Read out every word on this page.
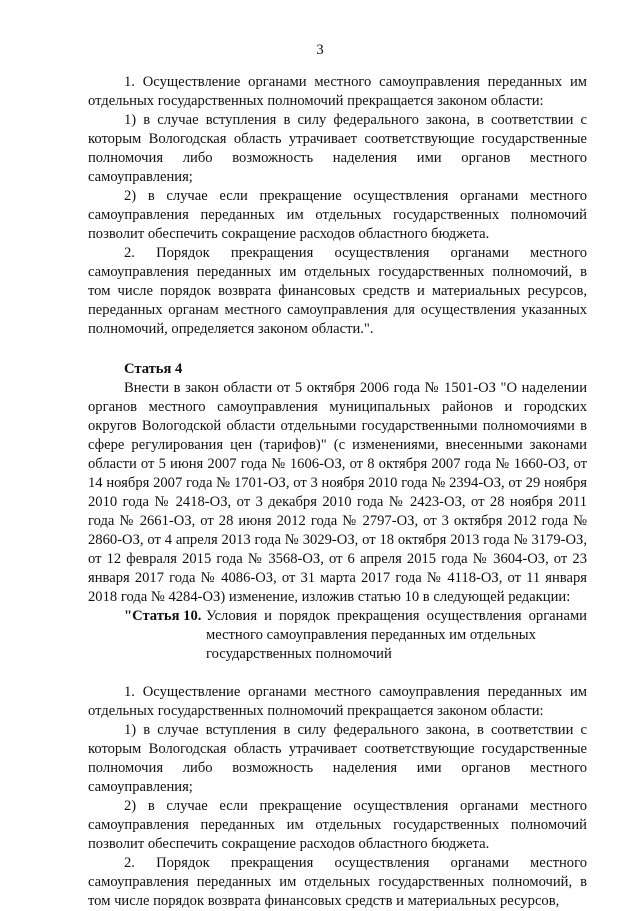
3

1. Осуществление органами местного самоуправления переданных им отдельных государственных полномочий прекращается законом области:

1) в случае вступления в силу федерального закона, в соответствии с которым Вологодская область утрачивает соответствующие государственные полномочия либо возможность наделения ими органов местного самоуправления;

2) в случае если прекращение осуществления органами местного самоуправления переданных им отдельных государственных полномочий позволит обеспечить сокращение расходов областного бюджета.

2. Порядок прекращения осуществления органами местного самоуправления переданных им отдельных государственных полномочий, в том числе порядок возврата финансовых средств и материальных ресурсов, переданных органам местного самоуправления для осуществления указанных полномочий, определяется законом области.".

Статья 4

Внести в закон области от 5 октября 2006 года № 1501-ОЗ "О наделении органов местного самоуправления муниципальных районов и городских округов Вологодской области отдельными государственными полномочиями в сфере регулирования цен (тарифов)" (с изменениями, внесенными законами области от 5 июня 2007 года № 1606-ОЗ, от 8 октября 2007 года № 1660-ОЗ, от 14 ноября 2007 года № 1701-ОЗ, от 3 ноября 2010 года № 2394-ОЗ, от 29 ноября 2010 года № 2418-ОЗ, от 3 декабря 2010 года № 2423-ОЗ, от 28 ноября 2011 года № 2661-ОЗ, от 28 июня 2012 года № 2797-ОЗ, от 3 октября 2012 года № 2860-ОЗ, от 4 апреля 2013 года № 3029-ОЗ, от 18 октября 2013 года № 3179-ОЗ, от 12 февраля 2015 года № 3568-ОЗ, от 6 апреля 2015 года № 3604-ОЗ, от 23 января 2017 года № 4086-ОЗ, от 31 марта 2017 года № 4118-ОЗ, от 11 января 2018 года № 4284-ОЗ) изменение, изложив статью 10 в следующей редакции:

"Статья 10. Условия и порядок прекращения осуществления органами местного самоуправления переданных им отдельных
государственных полномочий

1. Осуществление органами местного самоуправления переданных им отдельных государственных полномочий прекращается законом области:

1) в случае вступления в силу федерального закона, в соответствии с которым Вологодская область утрачивает соответствующие государственные полномочия либо возможность наделения ими органов местного самоуправления;

2) в случае если прекращение осуществления органами местного самоуправления переданных им отдельных государственных полномочий позволит обеспечить сокращение расходов областного бюджета.

2. Порядок прекращения осуществления органами местного самоуправления переданных им отдельных государственных полномочий, в том числе порядок возврата финансовых средств и материальных ресурсов,
